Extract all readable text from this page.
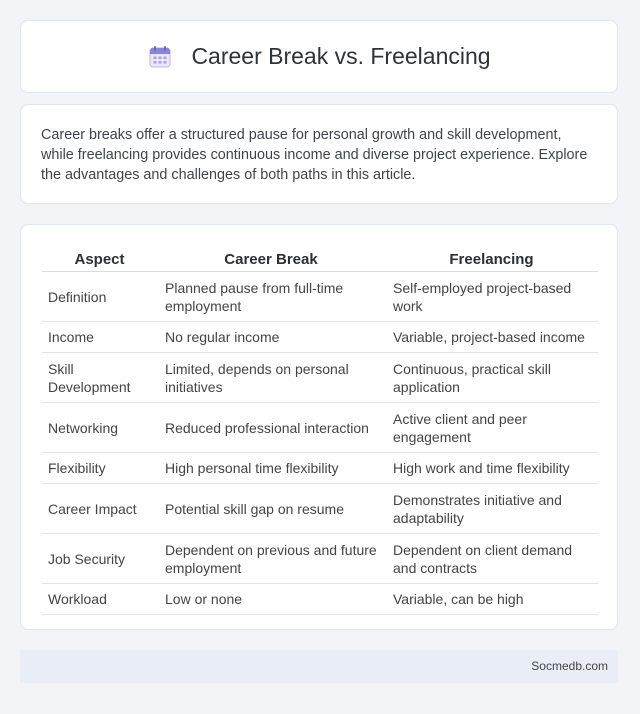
Career Break vs. Freelancing
Career breaks offer a structured pause for personal growth and skill development, while freelancing provides continuous income and diverse project experience. Explore the advantages and challenges of both paths in this article.
Aspect	Career Break	Freelancing
Definition	Planned pause from full-time employment	Self-employed project-based work
Income	No regular income	Variable, project-based income
Skill Development	Limited, depends on personal initiatives	Continuous, practical skill application
Networking	Reduced professional interaction	Active client and peer engagement
Flexibility	High personal time flexibility	High work and time flexibility
Career Impact	Potential skill gap on resume	Demonstrates initiative and adaptability
Job Security	Dependent on previous and future employment	Dependent on client demand and contracts
Workload	Low or none	Variable, can be high
Socmedb.com
